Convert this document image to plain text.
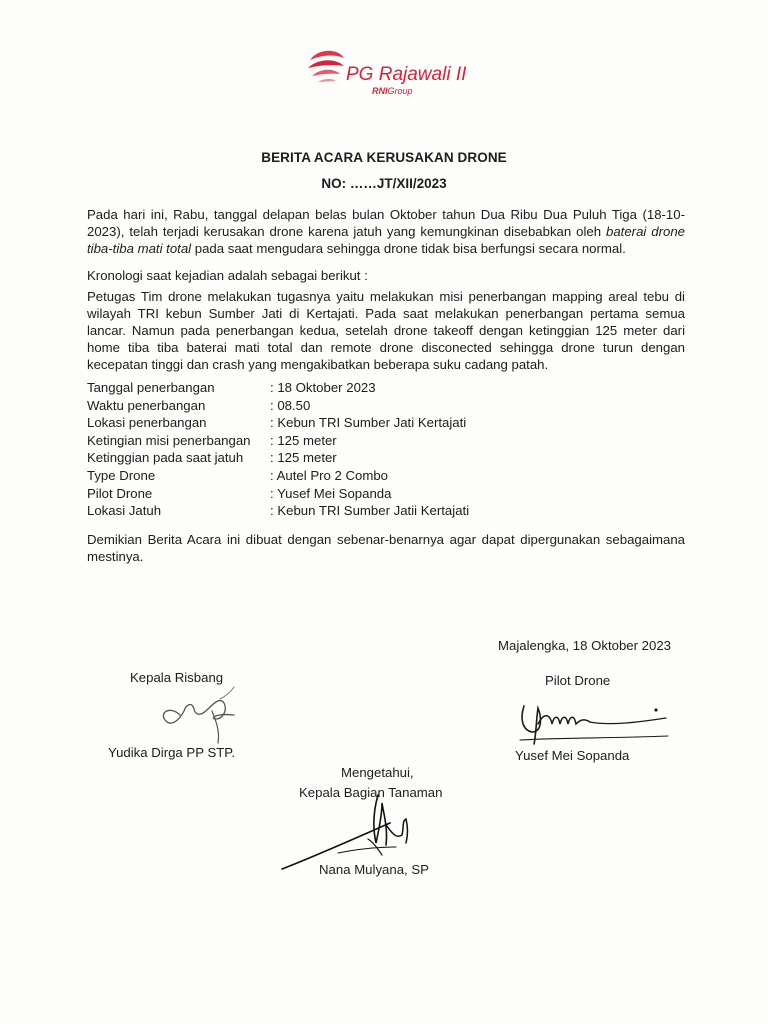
PG Rajawali II
RNIGroup
BERITA ACARA KERUSAKAN DRONE
NO: ……JT/XII/2023
Pada hari ini, Rabu, tanggal delapan belas bulan Oktober tahun Dua Ribu Dua Puluh Tiga (18-10-2023), telah terjadi kerusakan drone karena jatuh yang kemungkinan disebabkan oleh baterai drone tiba-tiba mati total pada saat mengudara sehingga drone tidak bisa berfungsi secara normal.
Kronologi saat kejadian adalah sebagai berikut :
Petugas Tim drone melakukan tugasnya yaitu melakukan misi penerbangan mapping areal tebu di wilayah TRI kebun Sumber Jati di Kertajati. Pada saat melakukan penerbangan pertama semua lancar. Namun pada penerbangan kedua, setelah drone takeoff dengan ketinggian 125 meter dari home tiba tiba baterai mati total dan remote drone disconected sehingga drone turun dengan kecepatan tinggi dan crash yang mengakibatkan beberapa suku cadang patah.
Tanggal penerbangan	: 18 Oktober 2023
Waktu penerbangan	: 08.50
Lokasi penerbangan	: Kebun TRI Sumber Jati Kertajati
Ketingian misi penerbangan : 125 meter
Ketinggian pada saat jatuh : 125 meter
Type Drone	: Autel Pro 2 Combo
Pilot Drone	: Yusef Mei Sopanda
Lokasi Jatuh	: Kebun TRI Sumber Jatii Kertajati
Demikian Berita Acara ini dibuat dengan sebenar-benarnya agar dapat dipergunakan sebagaimana mestinya.
Majalengka, 18 Oktober 2023
Kepala Risbang
Yudika Dirga PP STP.
Pilot Drone
Yusef Mei Sopanda
Mengetahui,
Kepala Bagian Tanaman
Nana Mulyana, SP
